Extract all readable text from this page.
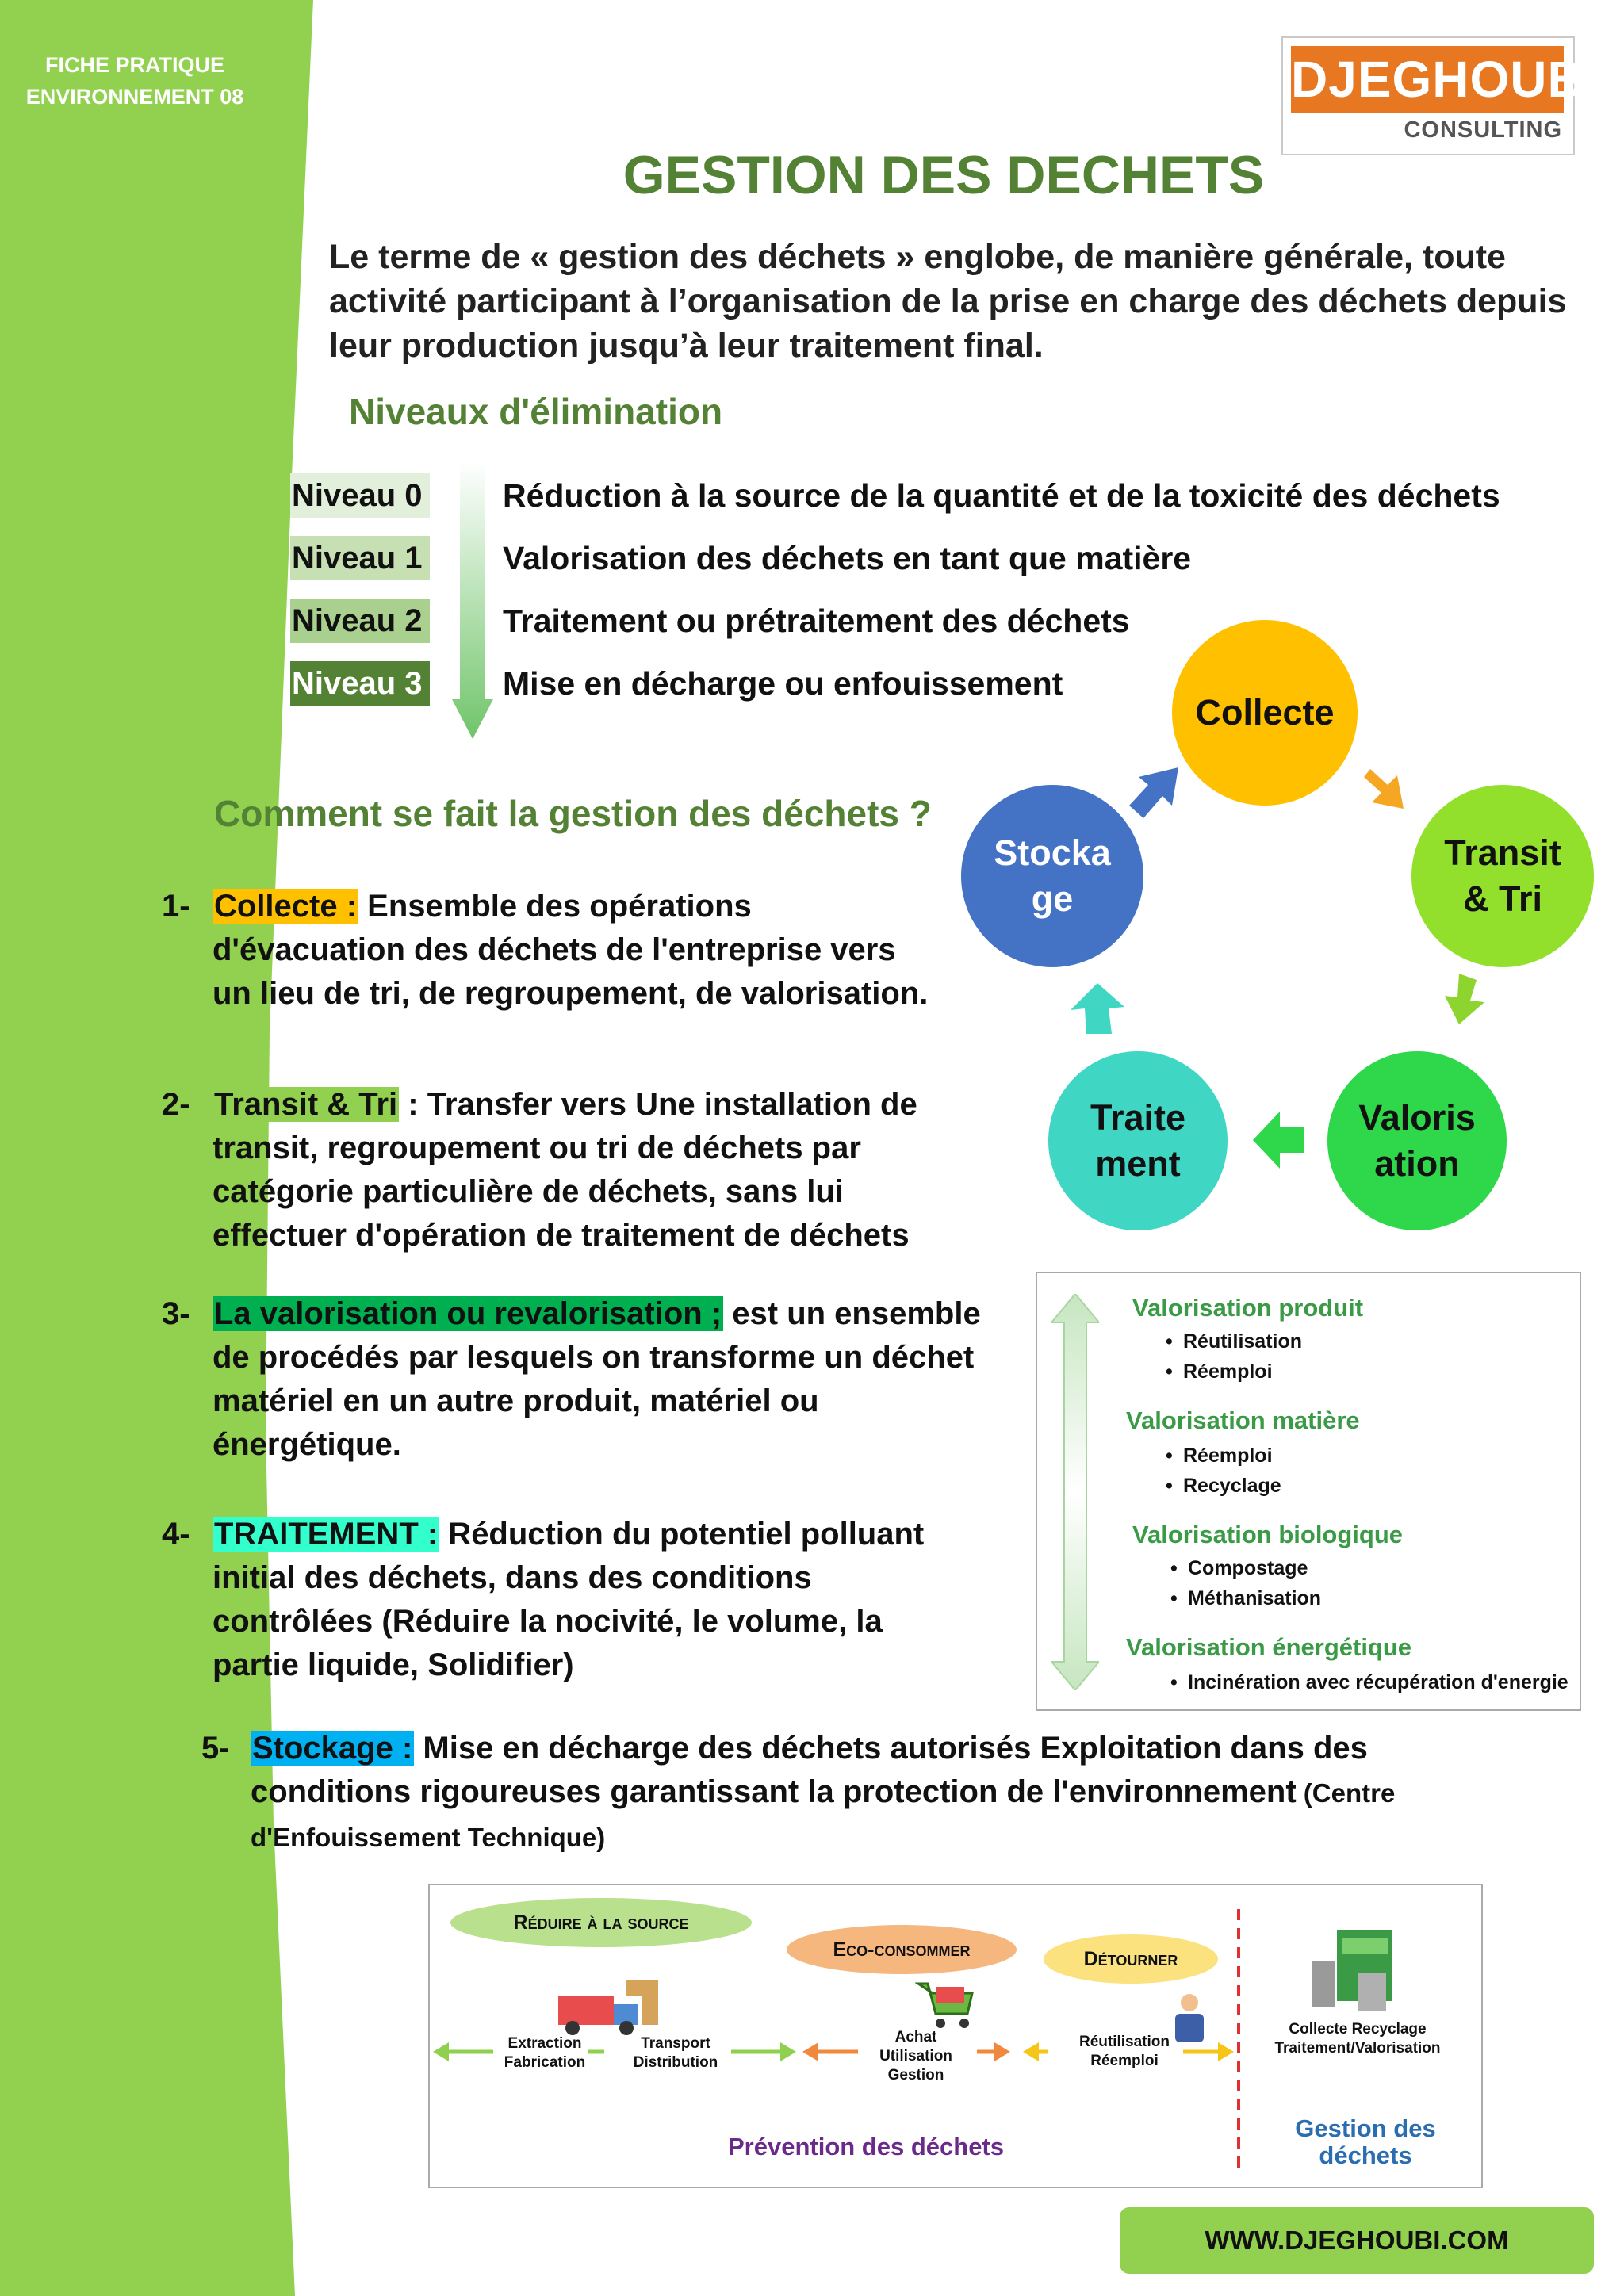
FICHE PRATIQUE
ENVIRONNEMENT 08	DJEGHOUBI
CONSULTING
GESTION DES DECHETS
Le terme de « gestion des déchets » englobe, de manière générale, toute activité participant à l’organisation de la prise en charge des déchets depuis leur production jusqu’à leur traitement final.
Niveaux d'élimination
Niveau 0 Réduction à la source de la quantité et de la toxicité des déchets
Niveau 1 Valorisation des déchets en tant que matière
Niveau 2 Traitement ou prétraitement des déchets
Niveau 3 Mise en décharge ou enfouissement
Comment se fait la gestion des déchets ?
1- Collecte : Ensemble des opérations d'évacuation des déchets de l'entreprise vers un lieu de tri, de regroupement, de valorisation.
2- Transit & Tri : Transfer vers Une installation de transit, regroupement ou tri de déchets par catégorie particulière de déchets, sans lui effectuer d'opération de traitement de déchets
3- La valorisation ou revalorisation ; est un ensemble de procédés par lesquels on transforme un déchet matériel en un autre produit, matériel ou énergétique.
4- TRAITEMENT : Réduction du potentiel polluant initial des déchets, dans des conditions contrôlées (Réduire la nocivité, le volume, la partie liquide, Solidifier)
5- Stockage : Mise en décharge des déchets autorisés Exploitation dans des conditions rigoureuses garantissant la protection de l'environnement (Centre d'Enfouissement Technique)
Collecte
Transit & Tri
Valoris ation
Traite ment
Stocka ge
Valorisation produit
• Réutilisation
• Réemploi
Valorisation matière
• Réemploi
• Recyclage
Valorisation biologique
• Compostage
• Méthanisation
Valorisation énergétique
• Incinération avec récupération d'energie
Réduire à la source
Eco-consommer	Détourner
Extraction Fabrication
Transport Distribution
Achat Utilisation Gestion
Réutilisation Réemploi
Collecte Recyclage Traitement/Valorisation
Prévention des déchets
Gestion des déchets
WWW.DJEGHOUBI.COM
